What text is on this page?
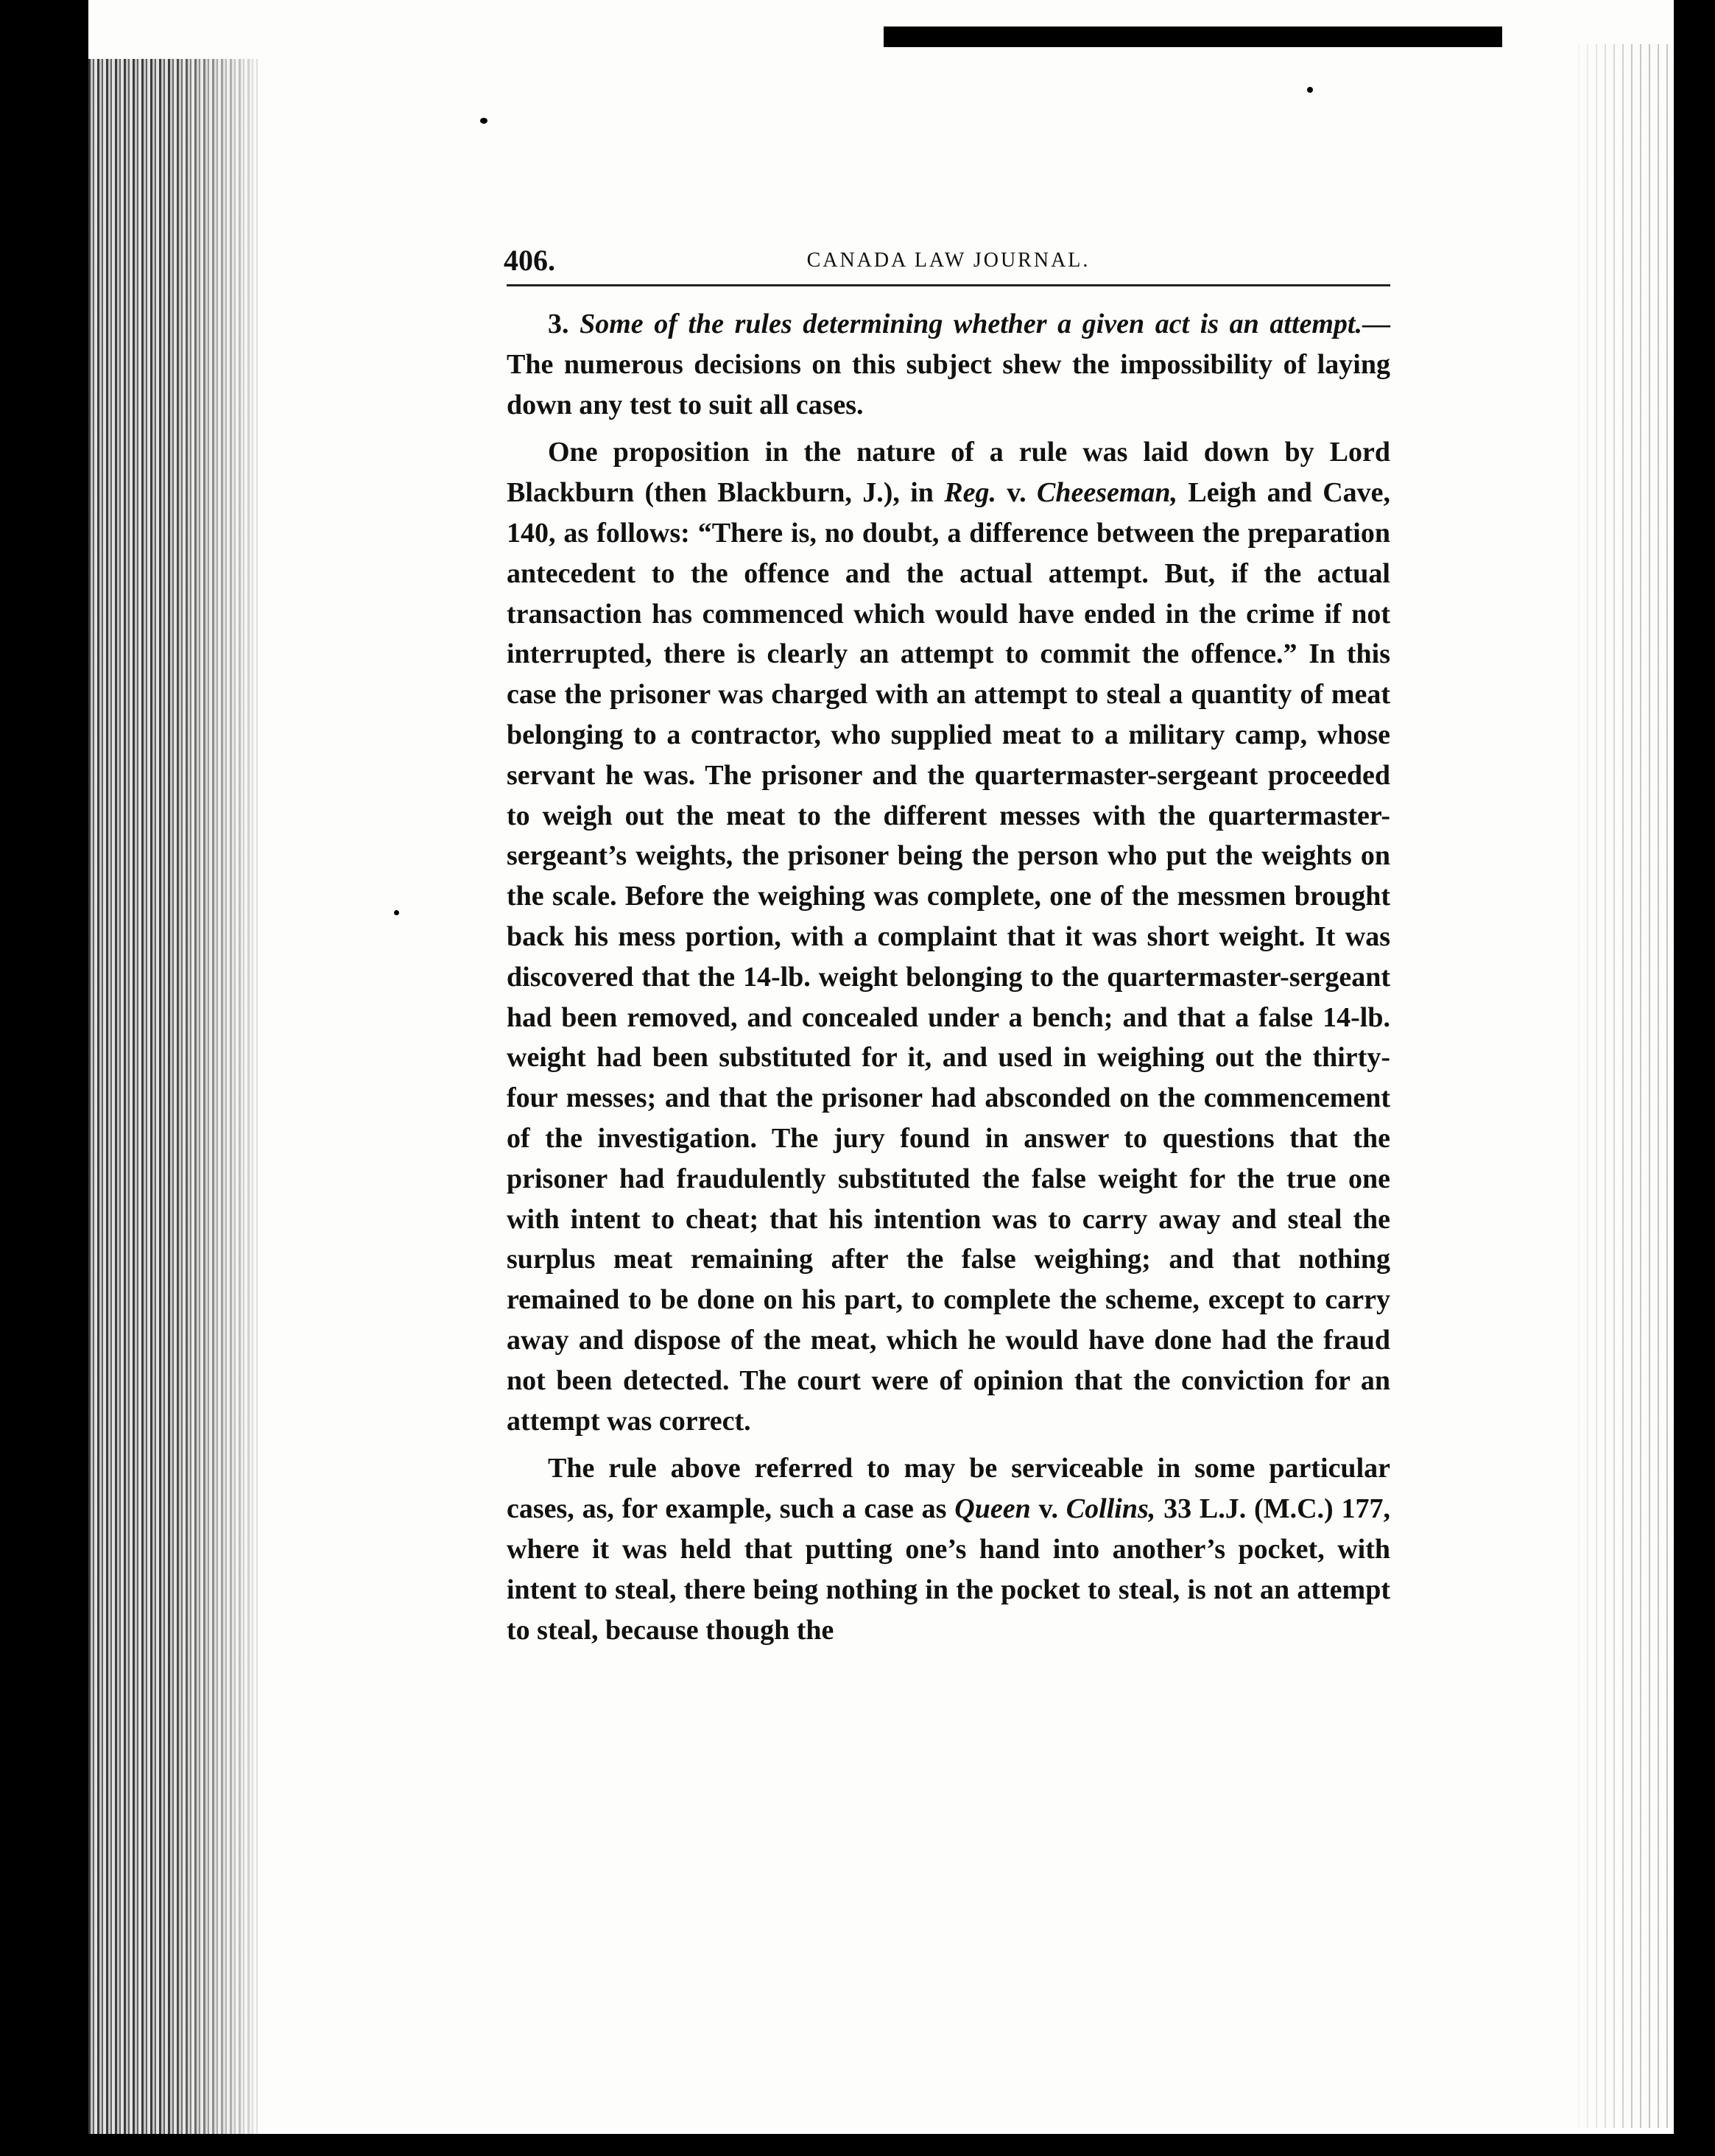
406.	CANADA LAW JOURNAL.

3. Some of the rules determining whether a given act is an attempt.—The numerous decisions on this subject shew the impossibility of laying down any test to suit all cases.

One proposition in the nature of a rule was laid down by Lord Blackburn (then Blackburn, J.), in Reg. v. Cheeseman, Leigh and Cave, 140, as follows: “There is, no doubt, a difference between the preparation antecedent to the offence and the actual attempt. But, if the actual transaction has commenced which would have ended in the crime if not interrupted, there is clearly an attempt to commit the offence.” In this case the prisoner was charged with an attempt to steal a quantity of meat belonging to a contractor, who supplied meat to a military camp, whose servant he was. The prisoner and the quartermaster-sergeant proceeded to weigh out the meat to the different messes with the quartermaster-sergeant’s weights, the prisoner being the person who put the weights on the scale. Before the weighing was complete, one of the messmen brought back his mess portion, with a complaint that it was short weight. It was discovered that the 14-lb. weight belonging to the quartermaster-sergeant had been removed, and concealed under a bench; and that a false 14-lb. weight had been substituted for it, and used in weighing out the thirty-four messes; and that the prisoner had absconded on the commencement of the investigation. The jury found in answer to questions that the prisoner had fraudulently substituted the false weight for the true one with intent to cheat; that his intention was to carry away and steal the surplus meat remaining after the false weighing; and that nothing remained to be done on his part, to complete the scheme, except to carry away and dispose of the meat, which he would have done had the fraud not been detected. The court were of opinion that the conviction for an attempt was correct.

The rule above referred to may be serviceable in some particular cases, as, for example, such a case as Queen v. Collins, 33 L.J. (M.C.) 177, where it was held that putting one’s hand into another’s pocket, with intent to steal, there being nothing in the pocket to steal, is not an attempt to steal, because though the
